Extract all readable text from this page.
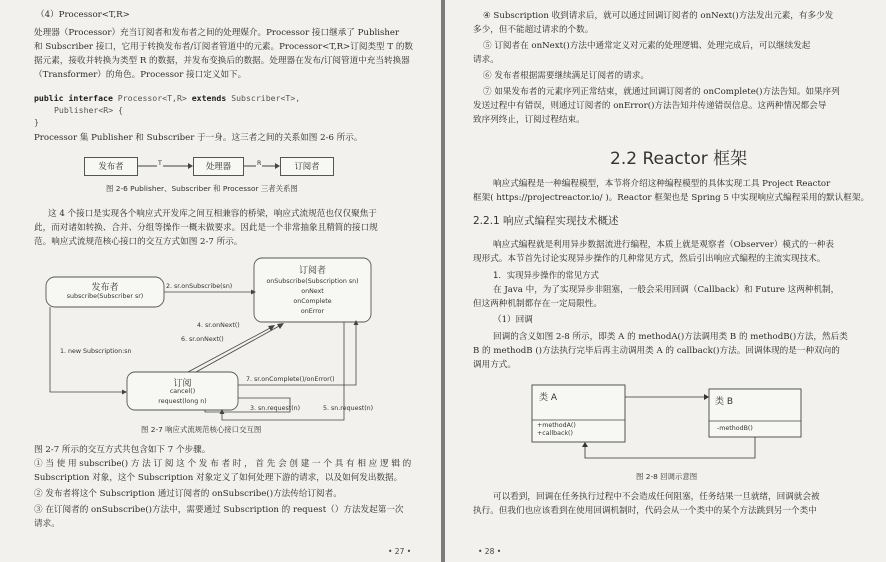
（4）Processor<T,R>
处理器（Processor）充当订阅者和发布者之间的处理媒介。Processor 接口继承了 Publisher
和 Subscriber 接口，它用于转换发布者/订阅者管道中的元素。Processor<T,R>订阅类型 T 的数
据元素，接收并转换为类型 R 的数据，并发布变换后的数据。处理器在发布/订阅管道中充当转换器
（Transformer）的角色。Processor 接口定义如下。
public interface Processor<T,R> extends Subscriber<T>,
Publisher<R> {
}
Processor 集 Publisher 和 Subscriber 于一身。这三者之间的关系如图 2-6 所示。
发布者	处理器	订阅者
T	R
图 2-6 Publisher、Subscriber 和 Processor 三者关系图
这 4 个接口是实现各个响应式开发库之间互相兼容的桥梁，响应式流规范也仅仅聚焦于
此，而对诸如转换、合并、分组等操作一概未做要求。因此是一个非常抽象且精简的接口规
范。响应式流规范核心接口的交互方式如图 2-7 所示。
发布者
subscribe(Subscriber sr)
订阅者
onSubscribe(Subscription sn)
onNext
onComplete
onError
订阅
cancel()
request(long n)
2. sr.onSubscribe(sn)
4. sr.onNext()
6. sr.onNext()
1. new Subscription:sn
7. sr.onComplete()/onError()
3. sn.request(n)	5. sn.request(n)
图 2-7 响应式流规范核心接口交互图
图 2-7 所示的交互方式共包含如下 7 个步骤。
① 当 使 用 subscribe() 方 法 订 阅 这 个 发 布 者 时 ， 首 先 会 创 建 一 个 具 有 相 应 逻 辑 的
Subscription 对象，这个 Subscription 对象定义了如何处理下游的请求，以及如何发出数据。
② 发布者将这个 Subscription 通过订阅者的 onSubscribe()方法传给订阅者。
③ 在订阅者的 onSubscribe()方法中，需要通过 Subscription 的 request（）方法发起第一次
请求。
• 27 •
④ Subscription 收到请求后，就可以通过回调订阅者的 onNext()方法发出元素，有多少发
多少，但不能超过请求的个数。
⑤ 订阅者在 onNext()方法中通常定义对元素的处理逻辑、处理完成后，可以继续发起
请求。
⑥ 发布者根据需要继续满足订阅者的请求。
⑦ 如果发布者的元素序列正常结束，就通过回调订阅者的 onComplete()方法告知。如果序列
发送过程中有错误，则通过订阅者的 onError()方法告知并传递错误信息。这两种情况都会导
致序列终止，订阅过程结束。
2.2 Reactor 框架
响应式编程是一种编程模型，本节将介绍这种编程模型的具体实现工具 Project Reactor
框架( https://projectreactor.io/ )。Reactor 框架也是 Spring 5 中实现响应式编程采用的默认框架。
2.2.1 响应式编程实现技术概述
响应式编程就是利用异步数据流进行编程，本质上就是观察者（Observer）模式的一种表
现形式。本节首先讨论实现异步操作的几种常见方式，然后引出响应式编程的主流实现技术。
1．实现异步操作的常见方式
在 Java 中，为了实现异步非阻塞，一般会采用回调（Callback）和 Future 这两种机制，
但这两种机制都存在一定局限性。
（1）回调
回调的含义如图 2-8 所示，即类 A 的 methodA()方法调用类 B 的 methodB()方法，然后类
B 的 methodB ()方法执行完毕后再主动调用类 A 的 callback()方法。回调体现的是一种双向的
调用方式。
类 A
+methodA()
+callback()
类 B
-methodB()
图 2-8 回调示意图
可以看到，回调在任务执行过程中不会造成任何阻塞，任务结果一旦就绪，回调就会被
执行。但我们也应该看到在使用回调机制时，代码会从一个类中的某个方法跳到另一个类中
• 28 •
